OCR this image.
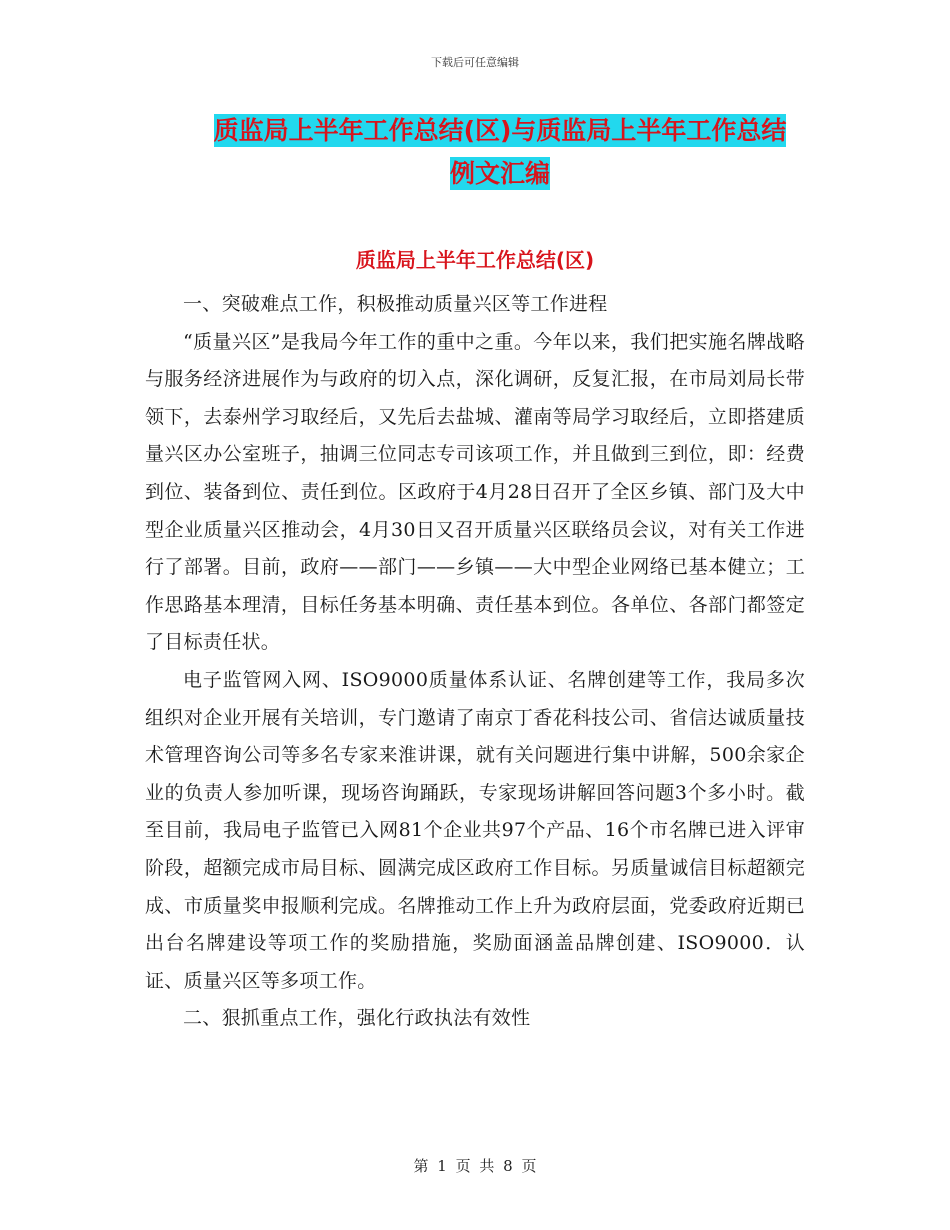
下载后可任意编辑
质监局上半年工作总结(区)与质监局上半年工作总结
例文汇编
质监局上半年工作总结(区)

一、突破难点工作，积极推动质量兴区等工作进程

“质量兴区”是我局今年工作的重中之重。今年以来，我们把实施名牌战略与服务经济进展作为与政府的切入点，深化调研，反复汇报，在市局刘局长带领下，去泰州学习取经后，又先后去盐城、灌南等局学习取经后，立即搭建质量兴区办公室班子，抽调三位同志专司该项工作，并且做到三到位，即：经费到位、装备到位、责任到位。区政府于4月28日召开了全区乡镇、部门及大中型企业质量兴区推动会，4月30日又召开质量兴区联络员会议，对有关工作进行了部署。目前，政府——部门——乡镇——大中型企业网络已基本健立；工作思路基本理清，目标任务基本明确、责任基本到位。各单位、各部门都签定了目标责任状。

电子监管网入网、ISO9000质量体系认证、名牌创建等工作，我局多次组织对企业开展有关培训，专门邀请了南京丁香花科技公司、省信达诚质量技术管理咨询公司等多名专家来淮讲课，就有关问题进行集中讲解，500余家企业的负责人参加听课，现场咨询踊跃，专家现场讲解回答问题3个多小时。截至目前，我局电子监管已入网81个企业共97个产品、16个市名牌已进入评审阶段，超额完成市局目标、圆满完成区政府工作目标。另质量诚信目标超额完成、市质量奖申报顺利完成。名牌推动工作上升为政府层面，党委政府近期已出台名牌建设等项工作的奖励措施，奖励面涵盖品牌创建、ISO9000．认证、质量兴区等多项工作。

二、狠抓重点工作，强化行政执法有效性

第 1 页 共 8 页
